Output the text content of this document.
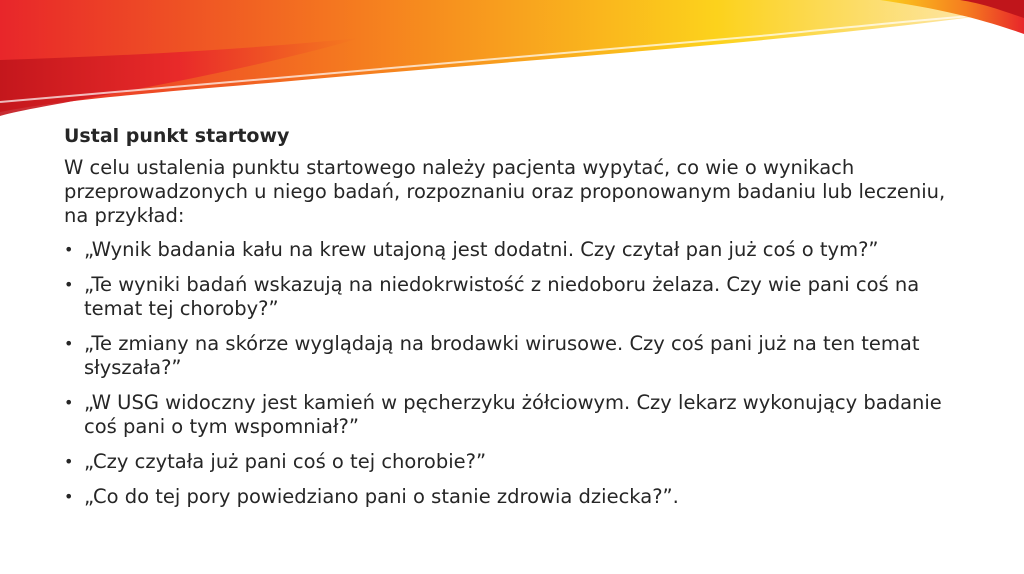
Ustal punkt startowy
W celu ustalenia punktu startowego należy pacjenta wypytać, co wie o wynikach przeprowadzonych u niego badań, rozpoznaniu oraz proponowanym badaniu lub leczeniu, na przykład:
• „Wynik badania kału na krew utajoną jest dodatni. Czy czytał pan już coś o tym?”
• „Te wyniki badań wskazują na niedokrwistość z niedoboru żelaza. Czy wie pani coś na temat tej choroby?”
• „Te zmiany na skórze wyglądają na brodawki wirusowe. Czy coś pani już na ten temat słyszała?”
• „W USG widoczny jest kamień w pęcherzyku żółciowym. Czy lekarz wykonujący badanie coś pani o tym wspomniał?”
• „Czy czytała już pani coś o tej chorobie?”
• „Co do tej pory powiedziano pani o stanie zdrowia dziecka?”.
